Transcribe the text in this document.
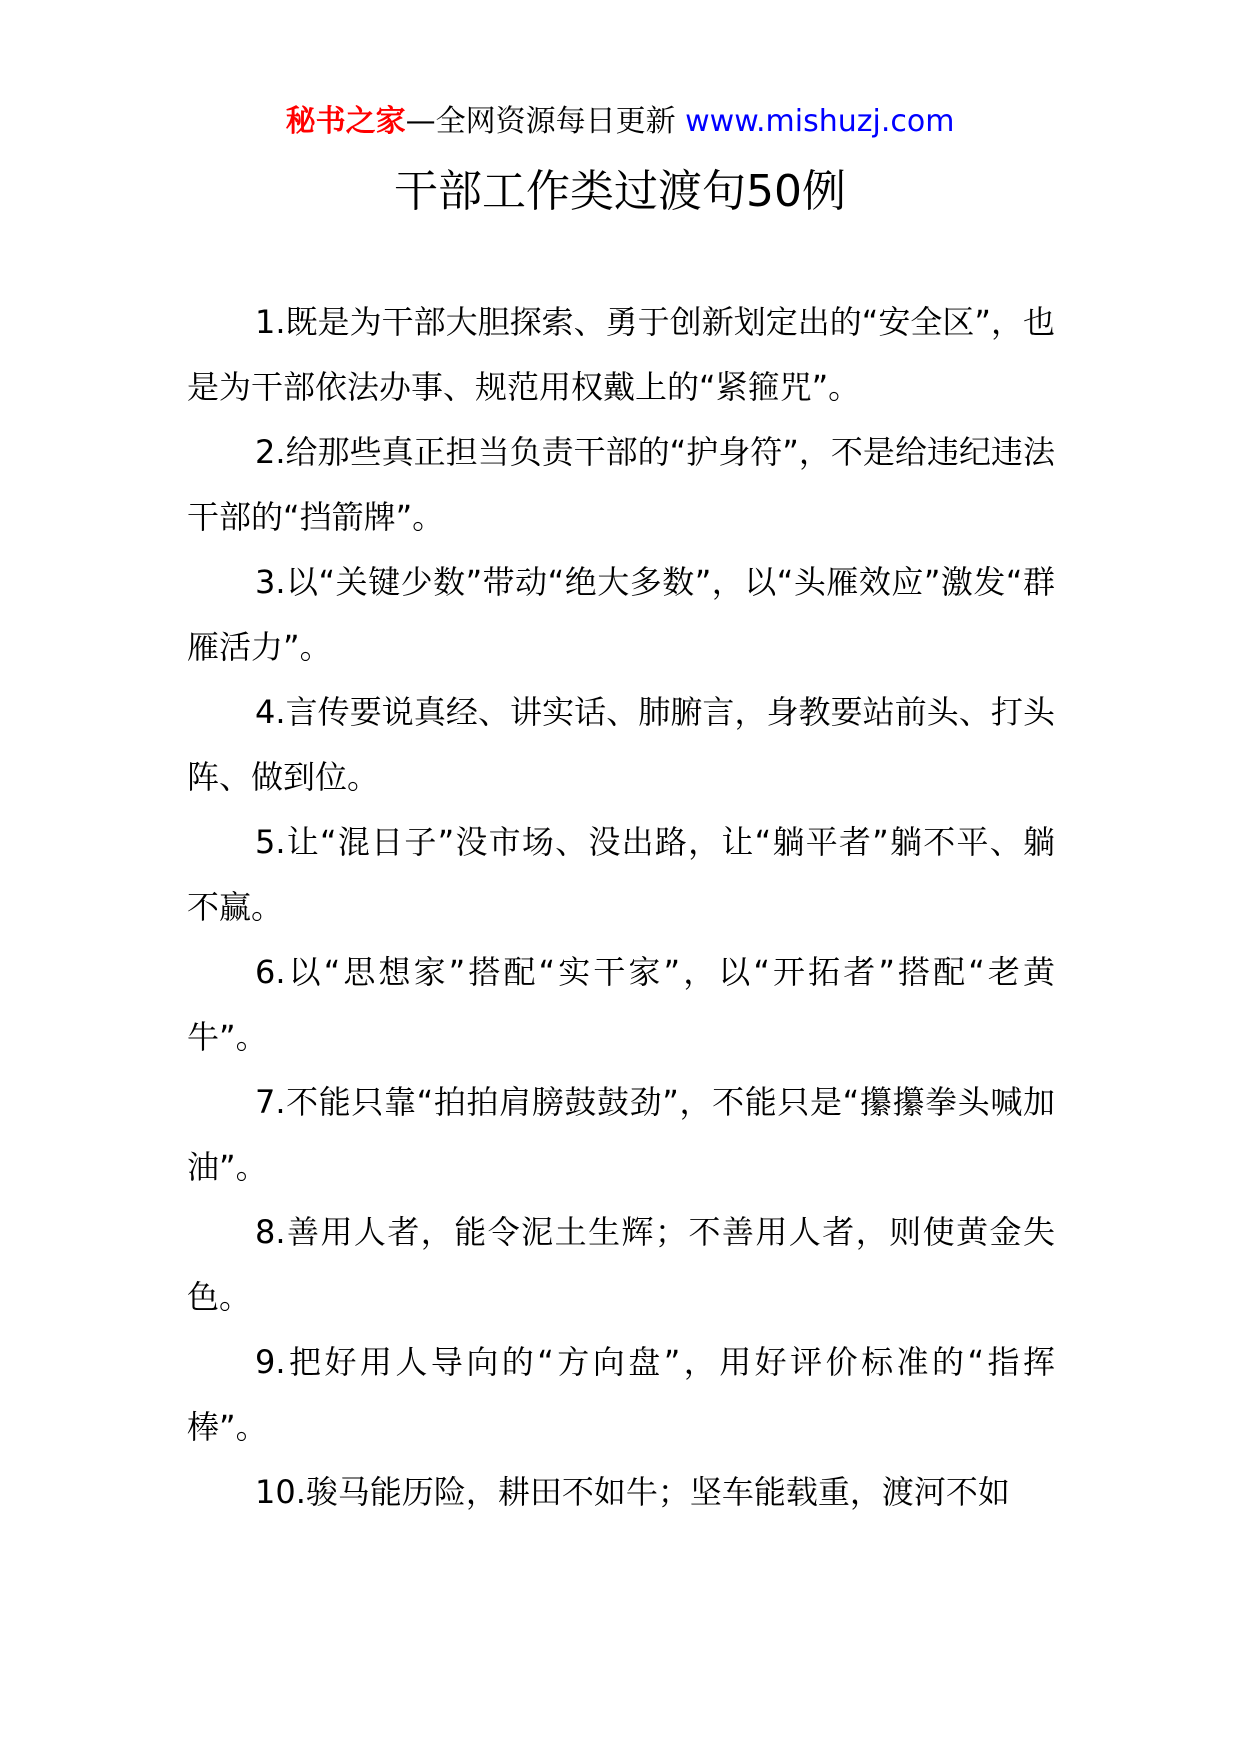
秘书之家—全网资源每日更新 www.mishuzj.com
干部工作类过渡句50例

1.既是为干部大胆探索、勇于创新划定出的“安全区”，也是为干部依法办事、规范用权戴上的“紧箍咒”。

2.给那些真正担当负责干部的“护身符”，不是给违纪违法干部的“挡箭牌”。

3.以“关键少数”带动“绝大多数”，以“头雁效应”激发“群雁活力”。

4.言传要说真经、讲实话、肺腑言，身教要站前头、打头阵、做到位。

5.让“混日子”没市场、没出路，让“躺平者”躺不平、躺不赢。

6.以“思想家”搭配“实干家”，以“开拓者”搭配“老黄牛”。

7.不能只靠“拍拍肩膀鼓鼓劲”，不能只是“攥攥拳头喊加油”。

8.善用人者，能令泥土生辉；不善用人者，则使黄金失色。

9.把好用人导向的“方向盘”，用好评价标准的“指挥棒”。

10.骏马能历险，耕田不如牛；坚车能载重，渡河不如
